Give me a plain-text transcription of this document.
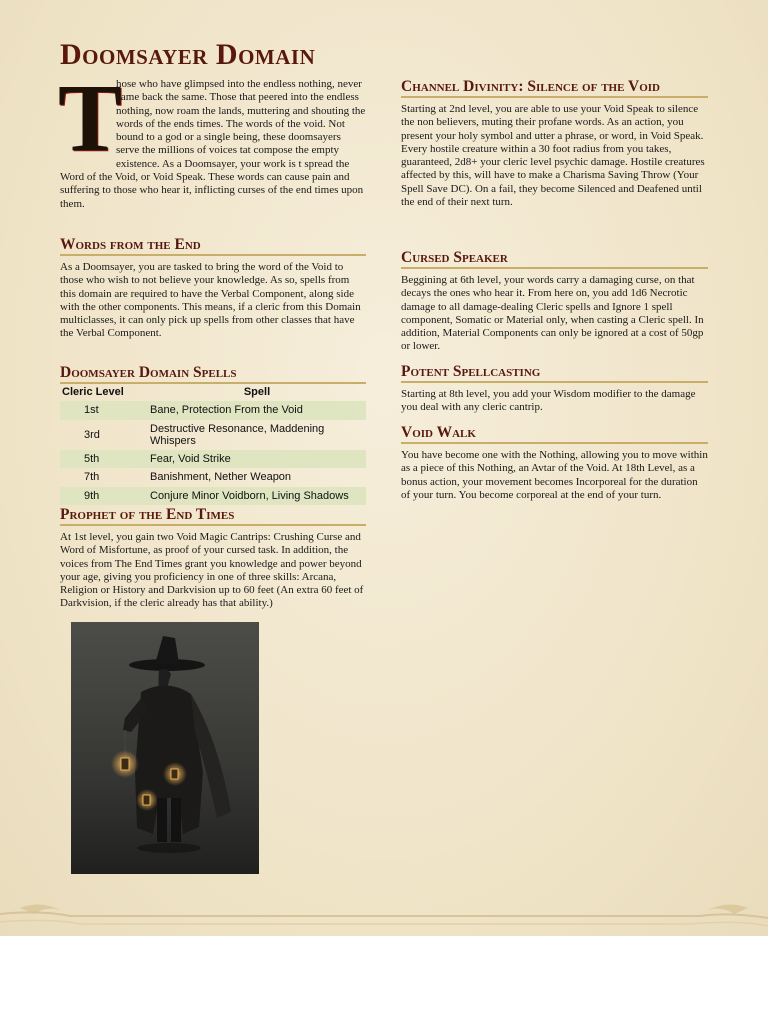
Doomsayer Domain

T
hose who have glimpsed into the endless nothing, never came back the same. Those that peered into the endless nothing, now roam the lands, muttering and shouting the words of the ends times. The words of the void. Not bound to a god or a single being, these doomsayers serve the millions of voices tat compose the empty existence. As a Doomsayer, your work is t spread the Word of the Void, or Void Speak. These words can cause pain and suffering to those who hear it, inflicting curses of the end times upon them.

Words from the End

As a Doomsayer, you are tasked to bring the word of the Void to those who wish to not believe your knowledge. As so, spells from this domain are required to have the Verbal Component, along side with the other components. This means, if a cleric from this Domain multiclasses, it can only pick up spells from other classes that have the Verbal Component.

Doomsayer Domain Spells
Cleric Level	Spell
1st	Bane, Protection From the Void
3rd	Destructive Resonance, Maddening Whispers
5th	Fear, Void Strike
7th	Banishment, Nether Weapon
9th	Conjure Minor Voidborn, Living Shadows
Prophet of the End Times

At 1st level, you gain two Void Magic Cantrips: Crushing Curse and Word of Misfortune, as proof of your cursed task. In addition, the voices from The End Times grant you knowledge and power beyond your age, giving you proficiency in one of three skills: Arcana, Religion or History and Darkvision up to 60 feet (An extra 60 feet of Darkvision, if the cleric already has that ability.)

Channel Divinity: Silence of the Void

Starting at 2nd level, you are able to use your Void Speak to silence the non believers, muting their profane words. As an action, you present your holy symbol and utter a phrase, or word, in Void Speak. Every hostile creature within a 30 foot radius from you takes, guaranteed, 2d8+ your cleric level psychic damage. Hostile creatures affected by this, will have to make a Charisma Saving Throw (Your Spell Save DC). On a fail, they become Silenced and Deafened until the end of their next turn.

Cursed Speaker

Beggining at 6th level, your words carry a damaging curse, on that decays the ones who hear it. From here on, you add 1d6 Necrotic damage to all damage-dealing Cleric spells and Ignore 1 spell component, Somatic or Material only, when casting a Cleric spell. In addition, Material Components can only be ignored at a cost of 50gp or lower.

Potent Spellcasting

Starting at 8th level, you add your Wisdom modifier to the damage you deal with any cleric cantrip.

Void Walk

You have become one with the Nothing, allowing you to move within as a piece of this Nothing, an Avtar of the Void. At 18th Level, as a bonus action, your movement becomes Incorporeal for the duration of your turn. You become corporeal at the end of your turn.
